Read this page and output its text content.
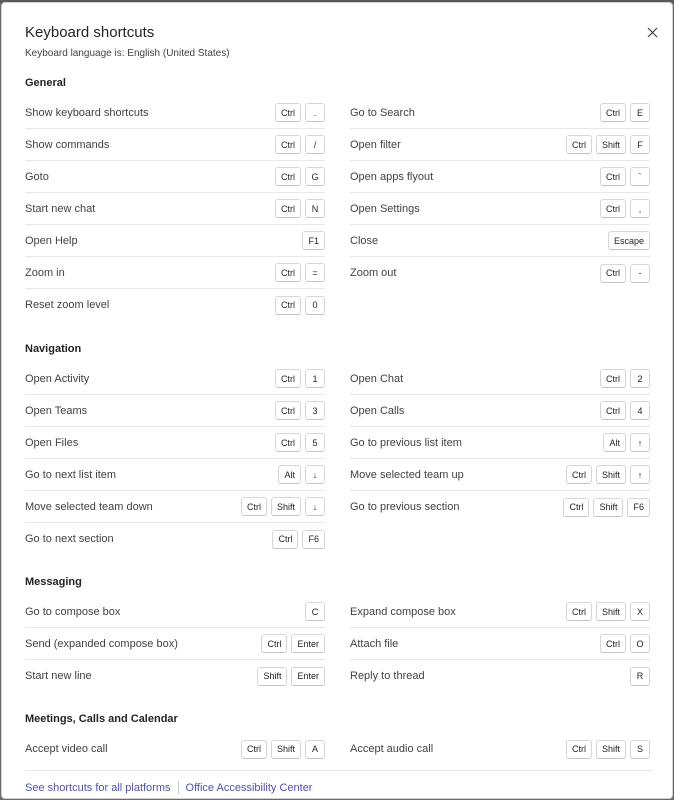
Keyboard shortcuts
Keyboard language is: English (United States)
General
Show keyboard shortcuts	Ctrl	.	Go to Search	Ctrl	E
Show commands	Ctrl	/	Open filter	Ctrl	Shift	F
Goto	Ctrl	G	Open apps flyout	Ctrl	`
Start new chat	Ctrl	N	Open Settings	Ctrl	,
Open Help	F1	Close	Escape
Zoom in	Ctrl	=	Zoom out	Ctrl	-
Reset zoom level	Ctrl	0
Navigation
Open Activity	Ctrl	1	Open Chat	Ctrl	2
Open Teams	Ctrl	3	Open Calls	Ctrl	4
Open Files	Ctrl	5	Go to previous list item	Alt	↑
Go to next list item	Alt	↓	Move selected team up	Ctrl	Shift	↑
Move selected team down	Ctrl	Shift	↓	Go to previous section	Ctrl	Shift	F6
Go to next section	Ctrl	F6
Messaging
Go to compose box	C	Expand compose box	Ctrl	Shift	X
Send (expanded compose box)	Ctrl	Enter	Attach file	Ctrl	O
Start new line	Shift	Enter	Reply to thread	R
Meetings, Calls and Calendar
Accept video call	Ctrl	Shift	A	Accept audio call	Ctrl	Shift	S
See shortcuts for all platforms Office Accessibility Center
